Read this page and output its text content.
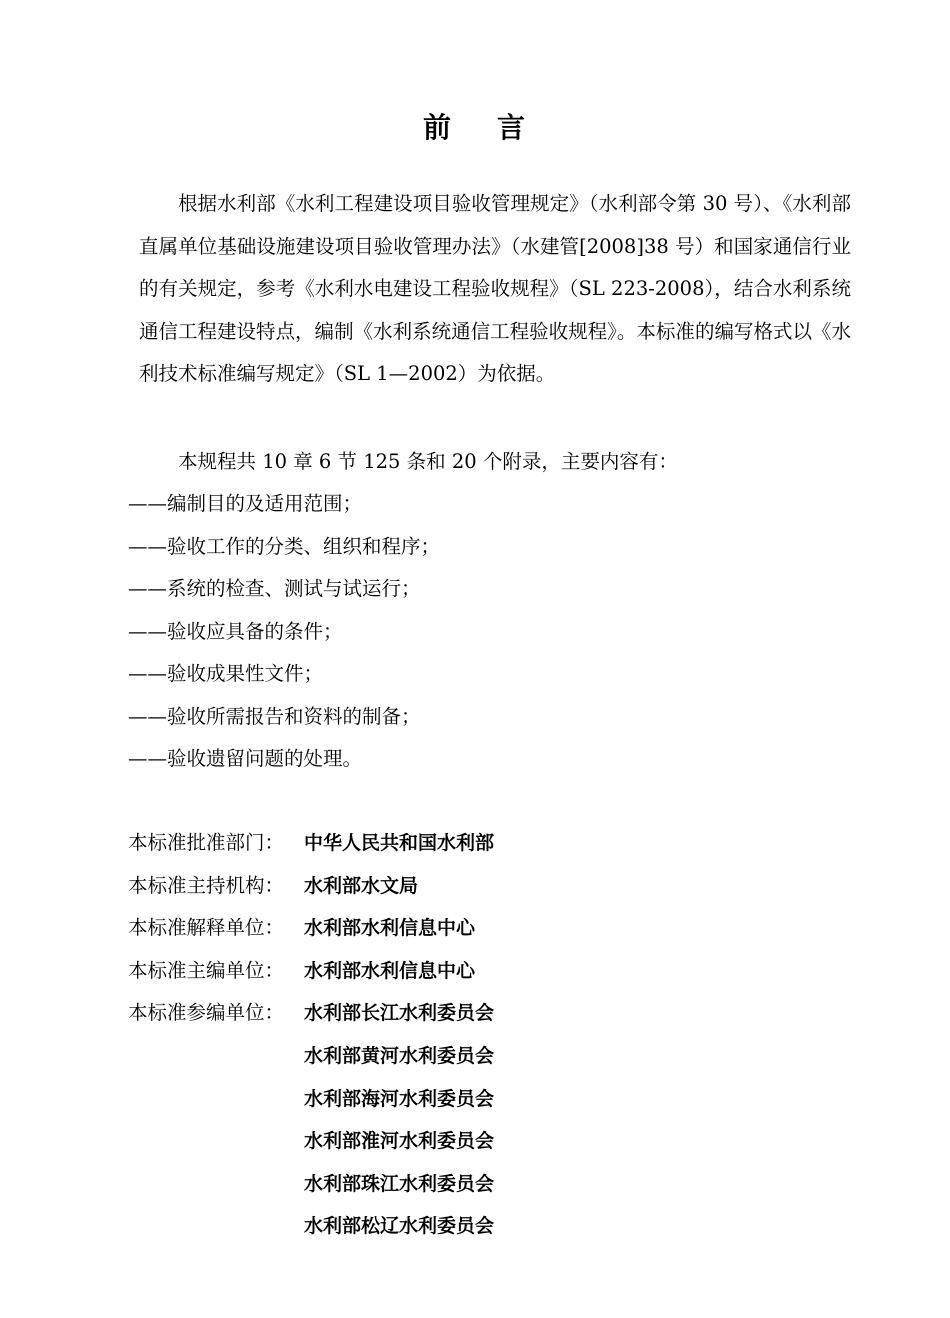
前 言

根据水利部《水利工程建设项目验收管理规定》（水利部令第 30 号）、《水利部直属单位基础设施建设项目验收管理办法》（水建管[2008]38 号）和国家通信行业的有关规定，参考《水利水电建设工程验收规程》（SL 223-2008），结合水利系统通信工程建设特点，编制《水利系统通信工程验收规程》。本标准的编写格式以《水利技术标准编写规定》（SL 1—2002）为依据。

本规程共 10 章 6 节 125 条和 20 个附录，主要内容有：

——编制目的及适用范围；
——验收工作的分类、组织和程序；
——系统的检查、测试与试运行；
——验收应具备的条件；
——验收成果性文件；
——验收所需报告和资料的制备；
——验收遗留问题的处理。
本标准批准部门：	中华人民共和国水利部
本标准主持机构：	水利部水文局
本标准解释单位：	水利部水利信息中心
本标准主编单位：	水利部水利信息中心
本标准参编单位：	水利部长江水利委员会
水利部黄河水利委员会
水利部海河水利委员会
水利部淮河水利委员会
水利部珠江水利委员会
水利部松辽水利委员会
